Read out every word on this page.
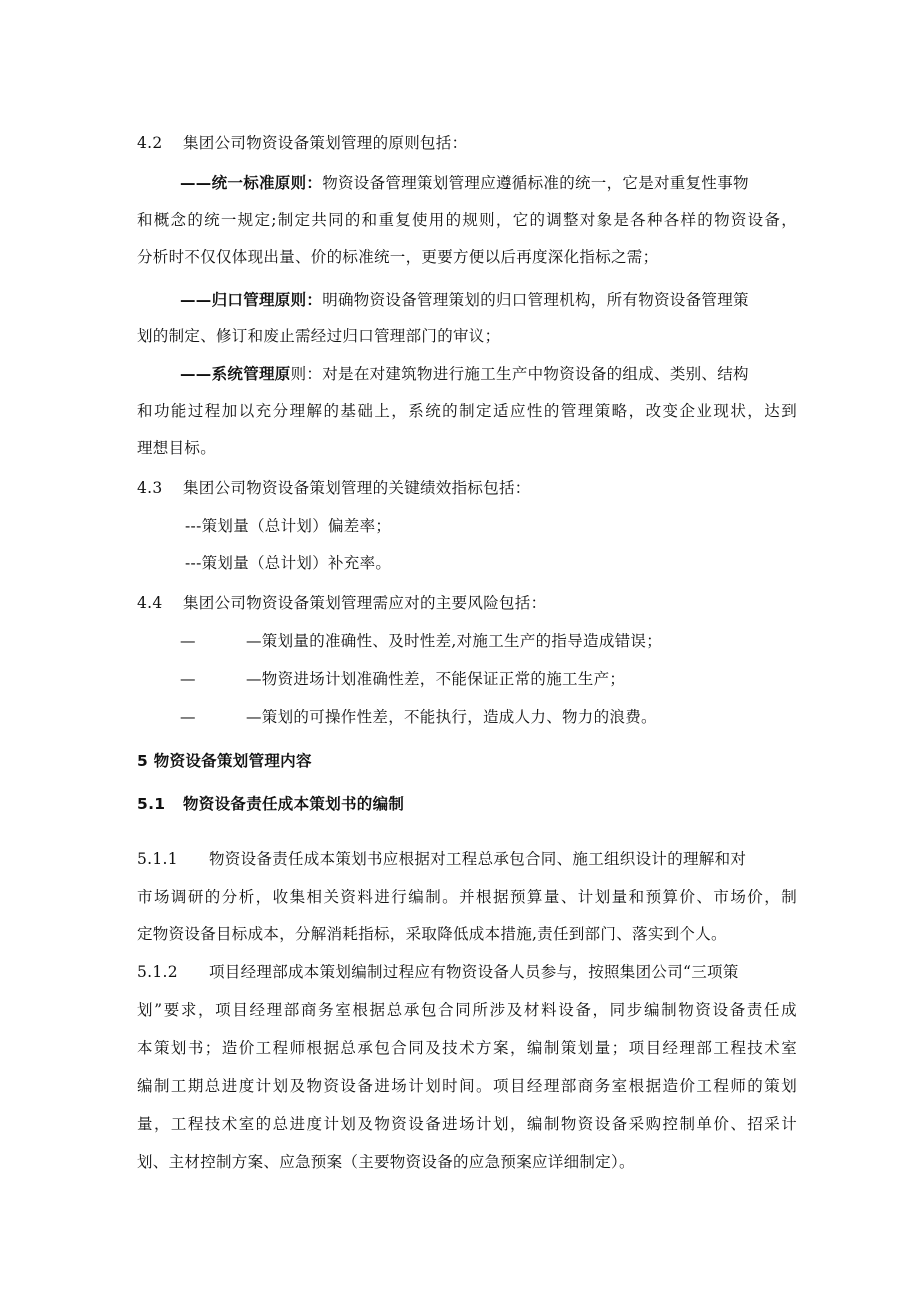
4.2 集团公司物资设备策划管理的原则包括：
——统一标准原则：物资设备管理策划管理应遵循标准的统一，它是对重复性事物
和概念的统一规定;制定共同的和重复使用的规则，它的调整对象是各种各样的物资设备，
分析时不仅仅体现出量、价的标准统一，更要方便以后再度深化指标之需；
——归口管理原则：明确物资设备管理策划的归口管理机构，所有物资设备管理策
划的制定、修订和废止需经过归口管理部门的审议；
——系统管理原则：对是在对建筑物进行施工生产中物资设备的组成、类别、结构
和功能过程加以充分理解的基础上，系统的制定适应性的管理策略，改变企业现状，达到
理想目标。
4.3 集团公司物资设备策划管理的关键绩效指标包括：
---策划量（总计划）偏差率；
---策划量（总计划）补充率。
4.4 集团公司物资设备策划管理需应对的主要风险包括：
—	—策划量的准确性、及时性差,对施工生产的指导造成错误；
—	—物资进场计划准确性差，不能保证正常的施工生产；
—	—策划的可操作性差，不能执行，造成人力、物力的浪费。
5 物资设备策划管理内容
5.1 物资设备责任成本策划书的编制
5.1.1 物资设备责任成本策划书应根据对工程总承包合同、施工组织设计的理解和对
市场调研的分析，收集相关资料进行编制。并根据预算量、计划量和预算价、市场价，制
定物资设备目标成本，分解消耗指标，采取降低成本措施,责任到部门、落实到个人。
5.1.2 项目经理部成本策划编制过程应有物资设备人员参与，按照集团公司“三项策
划”要求，项目经理部商务室根据总承包合同所涉及材料设备，同步编制物资设备责任成
本策划书；造价工程师根据总承包合同及技术方案，编制策划量；项目经理部工程技术室
编制工期总进度计划及物资设备进场计划时间。项目经理部商务室根据造价工程师的策划
量，工程技术室的总进度计划及物资设备进场计划，编制物资设备采购控制单价、招采计
划、主材控制方案、应急预案（主要物资设备的应急预案应详细制定）。
